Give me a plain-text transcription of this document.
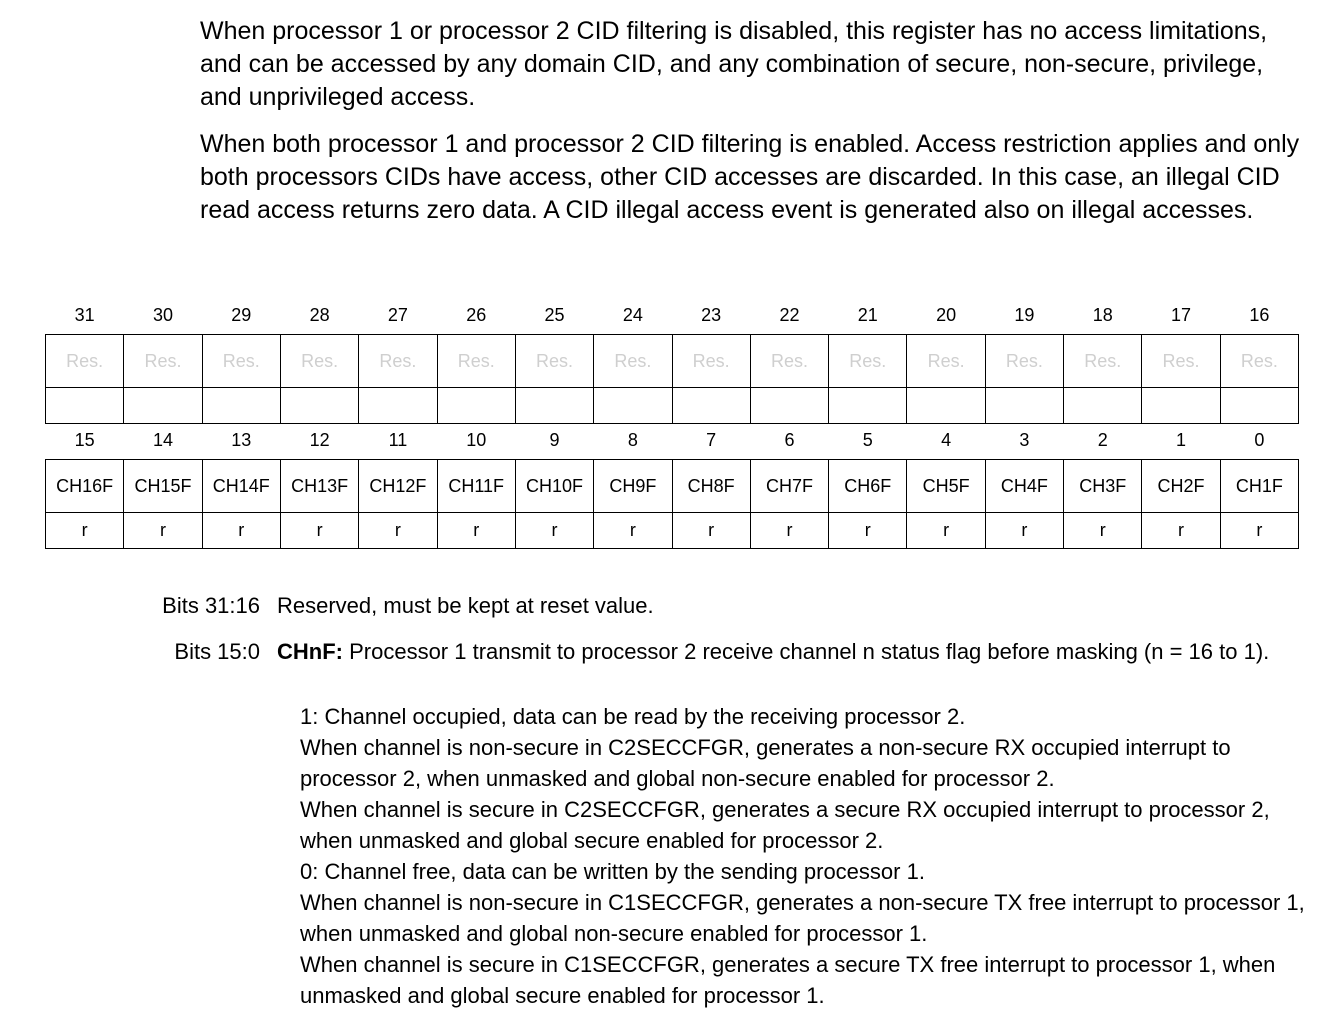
When processor 1 or processor 2 CID filtering is disabled, this register has no access limitations, and can be accessed by any domain CID, and any combination of secure, non-secure, privilege, and unprivileged access.

When both processor 1 and processor 2 CID filtering is enabled. Access restriction applies and only both processors CIDs have access, other CID accesses are discarded. In this case, an illegal CID read access returns zero data. A CID illegal access event is generated also on illegal accesses.

31	30	29	28	27	26	25	24	23	22	21	20	19	18	17	16
Res.	Res.	Res.	Res.	Res.	Res.	Res.	Res.	Res.	Res.	Res.	Res.	Res.	Res.	Res.	Res.

15	14	13	12	11	10	9	8	7	6	5	4	3	2	1	0
CH16F	CH15F	CH14F	CH13F	CH12F	CH11F	CH10F	CH9F	CH8F	CH7F	CH6F	CH5F	CH4F	CH3F	CH2F	CH1F
r	r	r	r	r	r	r	r	r	r	r	r	r	r	r	r
Bits 31:16 Reserved, must be kept at reset value.
Bits 15:0 CHnF: Processor 1 transmit to processor 2 receive channel n status flag before masking (n = 16 to 1).
1: Channel occupied, data can be read by the receiving processor 2.
When channel is non-secure in C2SECCFGR, generates a non-secure RX occupied interrupt to processor 2, when unmasked and global non-secure enabled for processor 2.
When channel is secure in C2SECCFGR, generates a secure RX occupied interrupt to processor 2, when unmasked and global secure enabled for processor 2.
0: Channel free, data can be written by the sending processor 1.
When channel is non-secure in C1SECCFGR, generates a non-secure TX free interrupt to processor 1, when unmasked and global non-secure enabled for processor 1.
When channel is secure in C1SECCFGR, generates a secure TX free interrupt to processor 1, when unmasked and global secure enabled for processor 1.
